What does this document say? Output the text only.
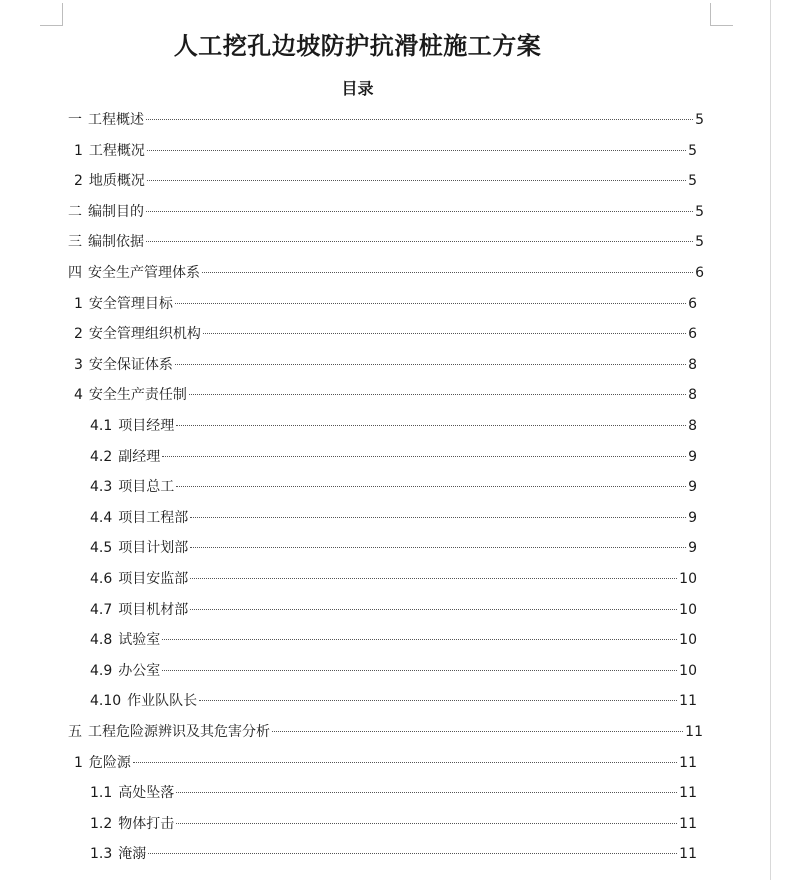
人工挖孔边坡防护抗滑桩施工方案
目录
一 工程概述	5
1 工程概况	5
2 地质概况	5
二 编制目的	5
三 编制依据	5
四 安全生产管理体系	6
1 安全管理目标	6
2 安全管理组织机构	6
3 安全保证体系	8
4 安全生产责任制	8
4.1 项目经理	8
4.2 副经理	9
4.3 项目总工	9
4.4 项目工程部	9
4.5 项目计划部	9
4.6 项目安监部	10
4.7 项目机材部	10
4.8 试验室	10
4.9 办公室	10
4.10 作业队队长	11
五 工程危险源辨识及其危害分析	11
1 危险源	11
1.1 高处坠落	11
1.2 物体打击	11
1.3 淹溺	11
